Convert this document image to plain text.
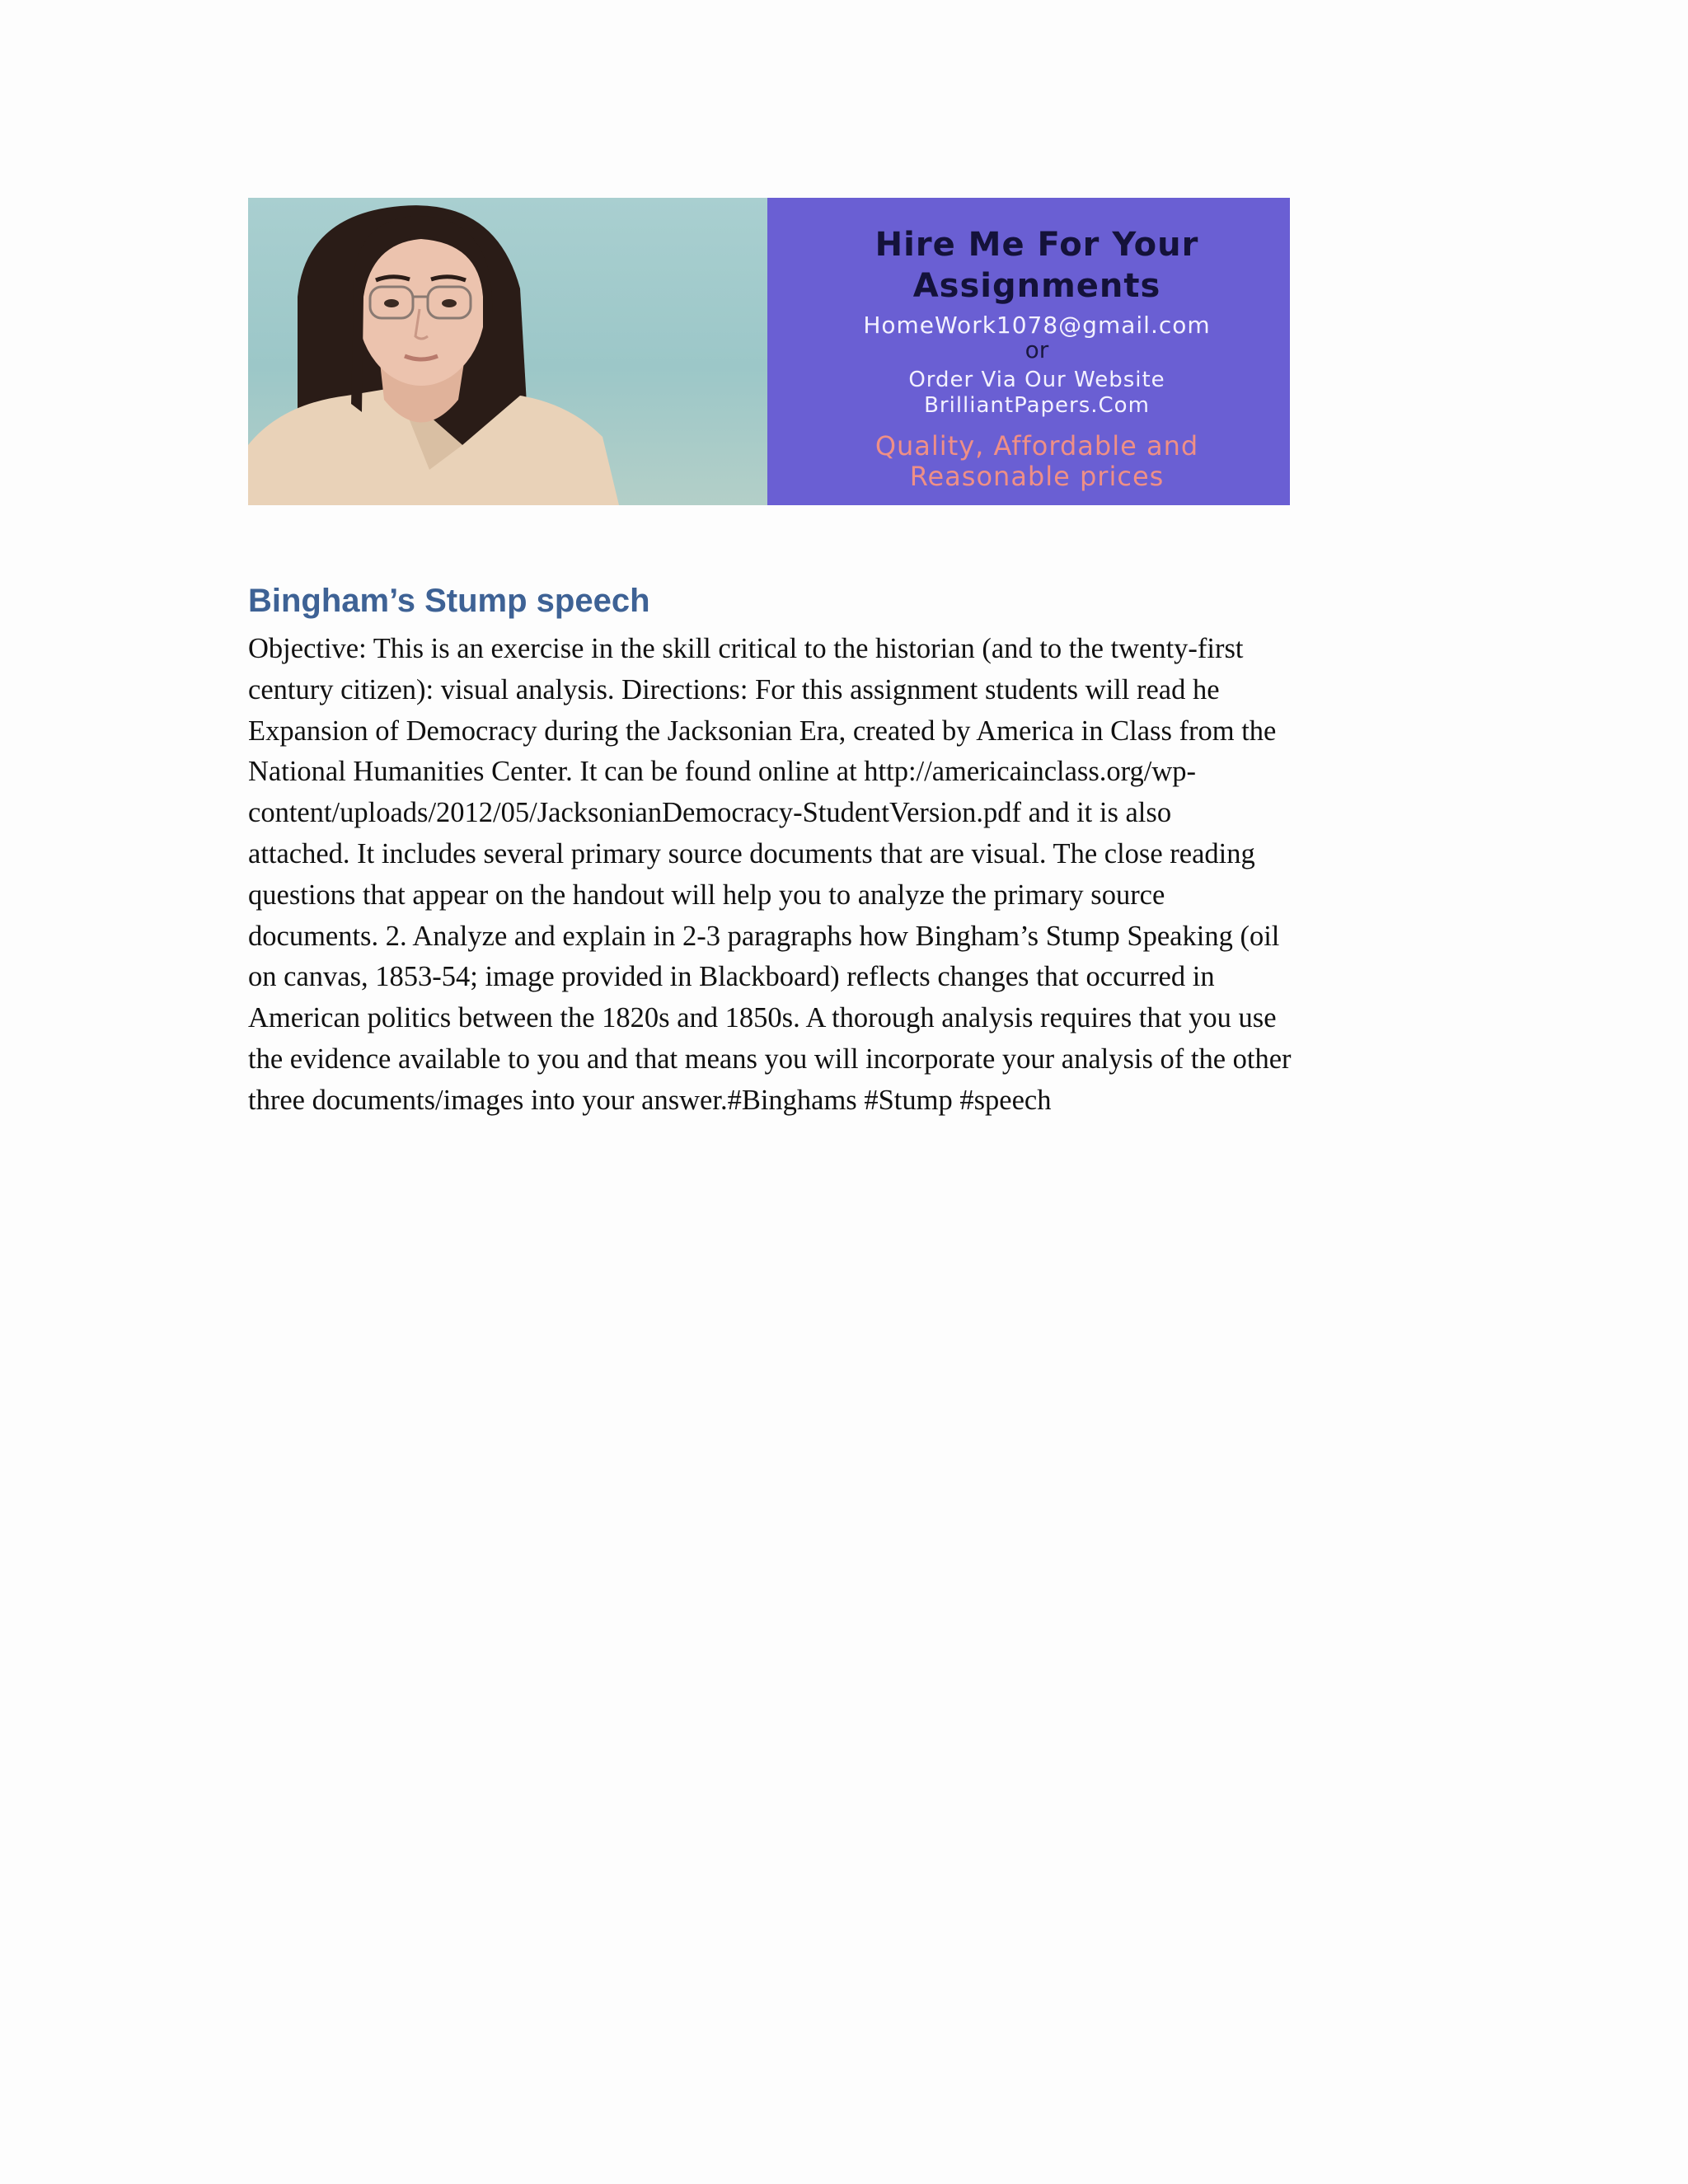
Hire Me For Your
Assignments
HomeWork1078@gmail.com
or
Order Via Our Website
BrilliantPapers.Com
Quality, Affordable and
Reasonable prices
Bingham’s Stump speech

Objective: This is an exercise in the skill critical to the historian (and to the twenty-first
century citizen): visual analysis. Directions: For this assignment students will read he
Expansion of Democracy during the Jacksonian Era, created by America in Class from the
National Humanities Center. It can be found online at http://americainclass.org/wp-
content/uploads/2012/05/JacksonianDemocracy-StudentVersion.pdf and it is also
attached. It includes several primary source documents that are visual. The close reading
questions that appear on the handout will help you to analyze the primary source
documents. 2. Analyze and explain in 2-3 paragraphs how Bingham’s Stump Speaking (oil
on canvas, 1853-54; image provided in Blackboard) reflects changes that occurred in
American politics between the 1820s and 1850s. A thorough analysis requires that you use
the evidence available to you and that means you will incorporate your analysis of the other
three documents/images into your answer.#Binghams #Stump #speech
